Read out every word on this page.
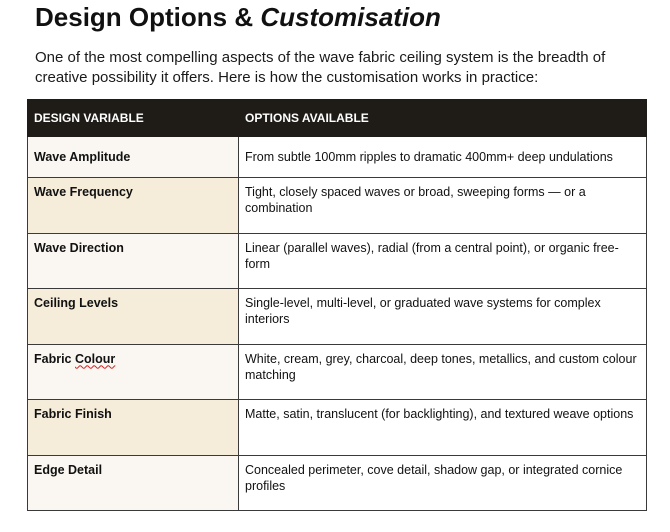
Design Options & Customisation

One of the most compelling aspects of the wave fabric ceiling system is the breadth of creative possibility it offers. Here is how the customisation works in practice:

DESIGN VARIABLE	OPTIONS AVAILABLE
Wave Amplitude	From subtle 100mm ripples to dramatic 400mm+ deep undulations
Wave Frequency	Tight, closely spaced waves or broad, sweeping forms — or a combination
Wave Direction	Linear (parallel waves), radial (from a central point), or organic free-form
Ceiling Levels	Single-level, multi-level, or graduated wave systems for complex interiors
Fabric Colour	White, cream, grey, charcoal, deep tones, metallics, and custom colour matching
Fabric Finish	Matte, satin, translucent (for backlighting), and textured weave options
Edge Detail	Concealed perimeter, cove detail, shadow gap, or integrated cornice profiles
